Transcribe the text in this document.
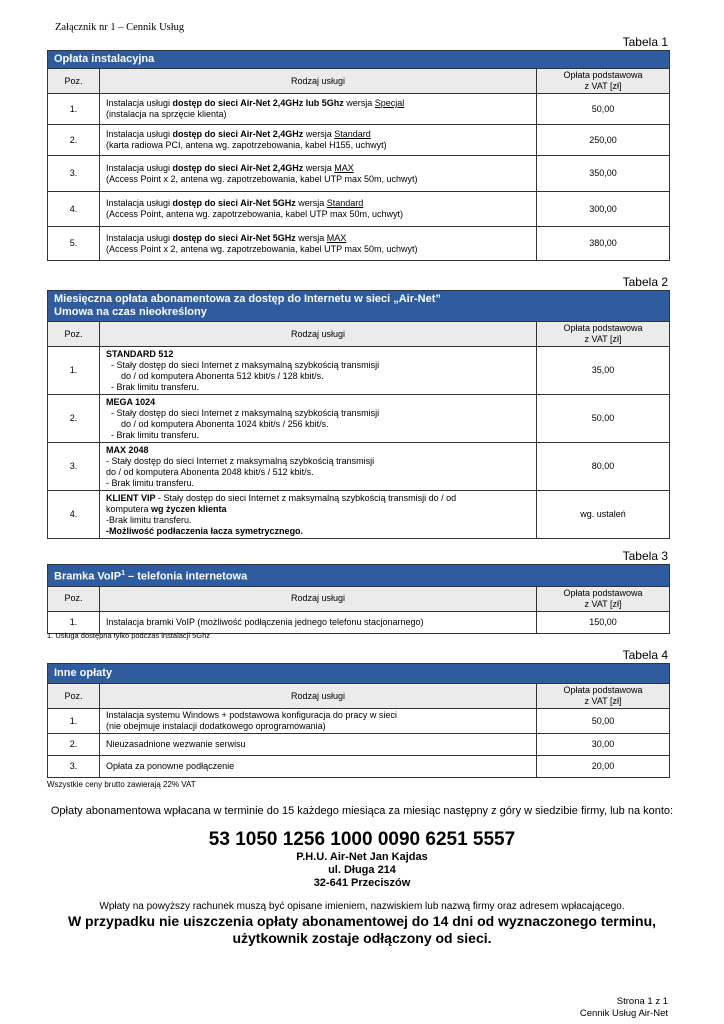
Załącznik nr 1 – Cennik Usług
Tabela 1
Opłata instalacyjna		
Poz.	Rodzaj usługi	Opłata podstawowa
z VAT [zł]
1.	Instalacja usługi dostęp do sieci Air-Net 2,4GHz lub 5Ghz wersja Specjal
(instalacja na sprzęcie klienta)	50,00
2.	Instalacja usługi dostęp do sieci Air-Net 2,4GHz wersja Standard
(karta radiowa PCI, antena wg. zapotrzebowania, kabel H155, uchwyt)	250,00
3.	Instalacja usługi dostęp do sieci Air-Net 2,4GHz wersja MAX
(Access Point x 2, antena wg. zapotrzebowania, kabel UTP max 50m, uchwyt)	350,00
4.	Instalacja usługi dostęp do sieci Air-Net 5GHz wersja Standard
(Access Point, antena wg. zapotrzebowania, kabel UTP max 50m, uchwyt)	300,00
5.	Instalacja usługi dostęp do sieci Air-Net 5GHz wersja MAX
(Access Point x 2, antena wg. zapotrzebowania, kabel UTP max 50m, uchwyt)	380,00
Tabela 2
Miesięczna opłata abonamentowa za dostęp do Internetu w sieci „Air-Net”
Umowa na czas nieokreślony		
Poz.	Rodzaj usługi	Opłata podstawowa
z VAT [zł]
1.	STANDARD 512
- Stały dostęp do sieci Internet z maksymalną szybkością transmisji
do / od komputera Abonenta 512 kbit/s / 128 kbit/s.
- Brak limitu transferu.	35,00
2.	MEGA 1024
- Stały dostęp do sieci Internet z maksymalną szybkością transmisji
do / od komputera Abonenta 1024 kbit/s / 256 kbit/s.
- Brak limitu transferu.	50,00
3.	MAX 2048
- Stały dostęp do sieci Internet z maksymalną szybkością transmisji
do / od komputera Abonenta 2048 kbit/s / 512 kbit/s.
- Brak limitu transferu.	80,00
4.	KLIENT VIP - Stały dostęp do sieci Internet z maksymalną szybkością transmisji do / od
komputera wg życzen klienta
-Brak limitu transferu.
-Możliwość podłaczenia łacza symetrycznego.	wg. ustaleń
Tabela 3
Bramka VoIP$^1$ – telefonia internetowa		
Poz.	Rodzaj usługi	Opłata podstawowa
z VAT [zł]
1.	Instalacja bramki VoIP (możliwość podłączenia jednego telefonu stacjonarnego)	150,00
1. Usługa dostępna tylko podczas instalacji 5Ghz
Tabela 4
Inne opłaty		
Poz.	Rodzaj usługi	Opłata podstawowa
z VAT [zł]
1.	Instalacja systemu Windows + podstawowa konfiguracja do pracy w sieci
(nie obejmuje instalacji dodatkowego oprogramowania)	50,00
2.	Nieuzasadnione wezwanie serwisu	30,00
3.	Opłata za ponowne podłączenie	20,00
Wszystkie ceny brutto zawierają 22% VAT
Opłaty abonamentowa wpłacana w terminie do 15 każdego miesiąca za miesiąc następny z góry w siedzibie firmy, lub na konto:
53 1050 1256 1000 0090 6251 5557
P.H.U. Air-Net Jan Kajdas
ul. Długa 214
32-641 Przeciszów
Wpłaty na powyższy rachunek muszą być opisane imieniem, nazwiskiem lub nazwą firmy oraz adresem wpłacającego.
W przypadku nie uiszczenia opłaty abonamentowej do 14 dni od wyznaczonego terminu,
użytkownik zostaje odłączony od sieci.
Strona 1 z 1
Cennik Usług Air-Net
